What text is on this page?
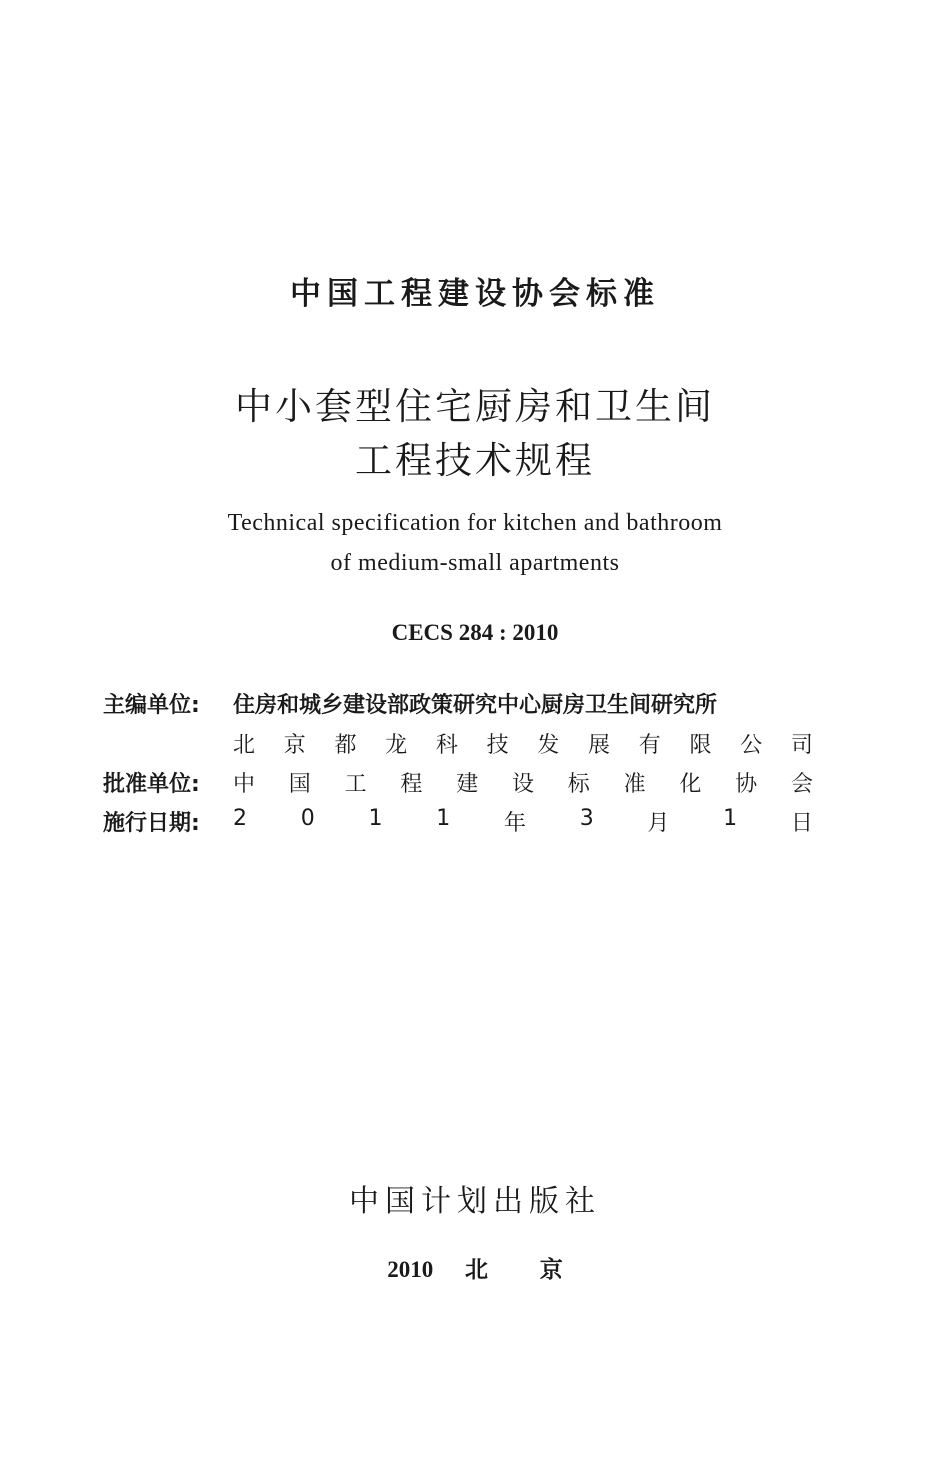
中国工程建设协会标准
中小套型住宅厨房和卫生间
工程技术规程
Technical specification for kitchen and bathroom
of medium-small apartments
CECS 284 : 2010
主编单位:	住房和城乡建设部政策研究中心厨房卫生间研究所
北 京 都 龙 科 技 发 展 有 限 公 司
批准单位:	中 国 工 程 建 设 标 准 化 协 会
施行日期:	2 0 1 1 年 3 月 1 日
中国计划出版社
2010 北 京
